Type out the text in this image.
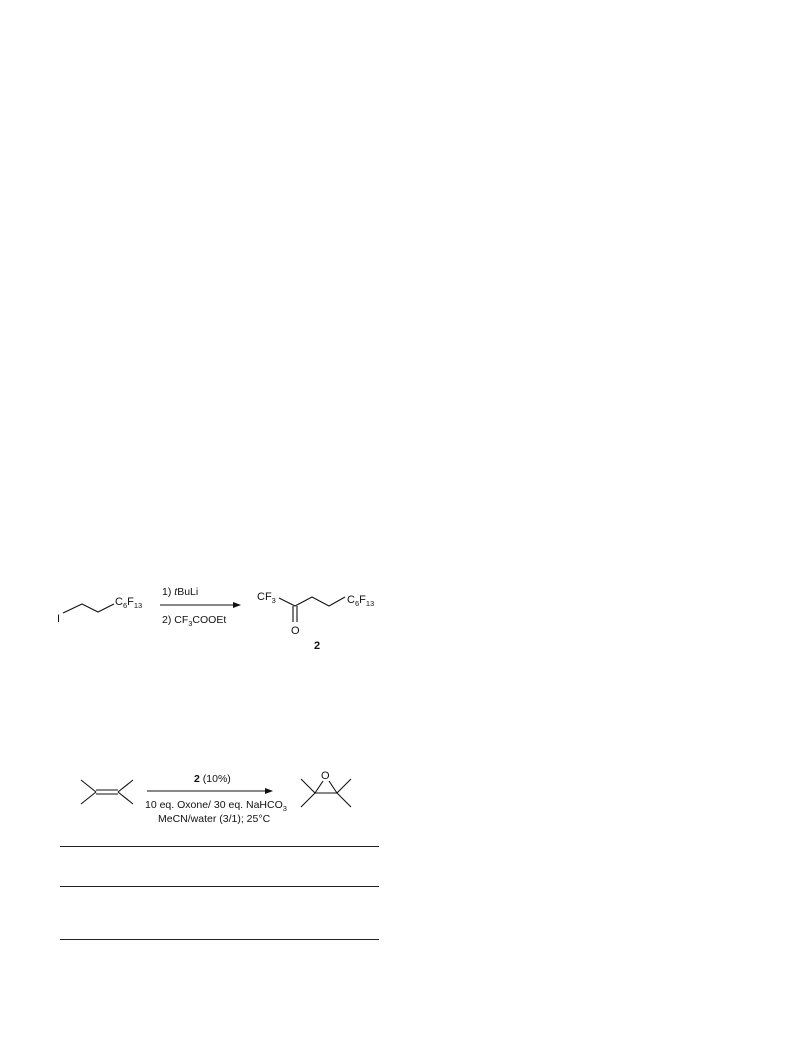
I
$C_6F_{13}$
1) tBuLi
2) $CF_3COOEt$
$CF_3$
O
$C_6F_{13}$
2
2 (10%)
10 eq. Oxone/ 30 eq. NaHCO$_3$
MeCN/water (3/1); 25°C
O
